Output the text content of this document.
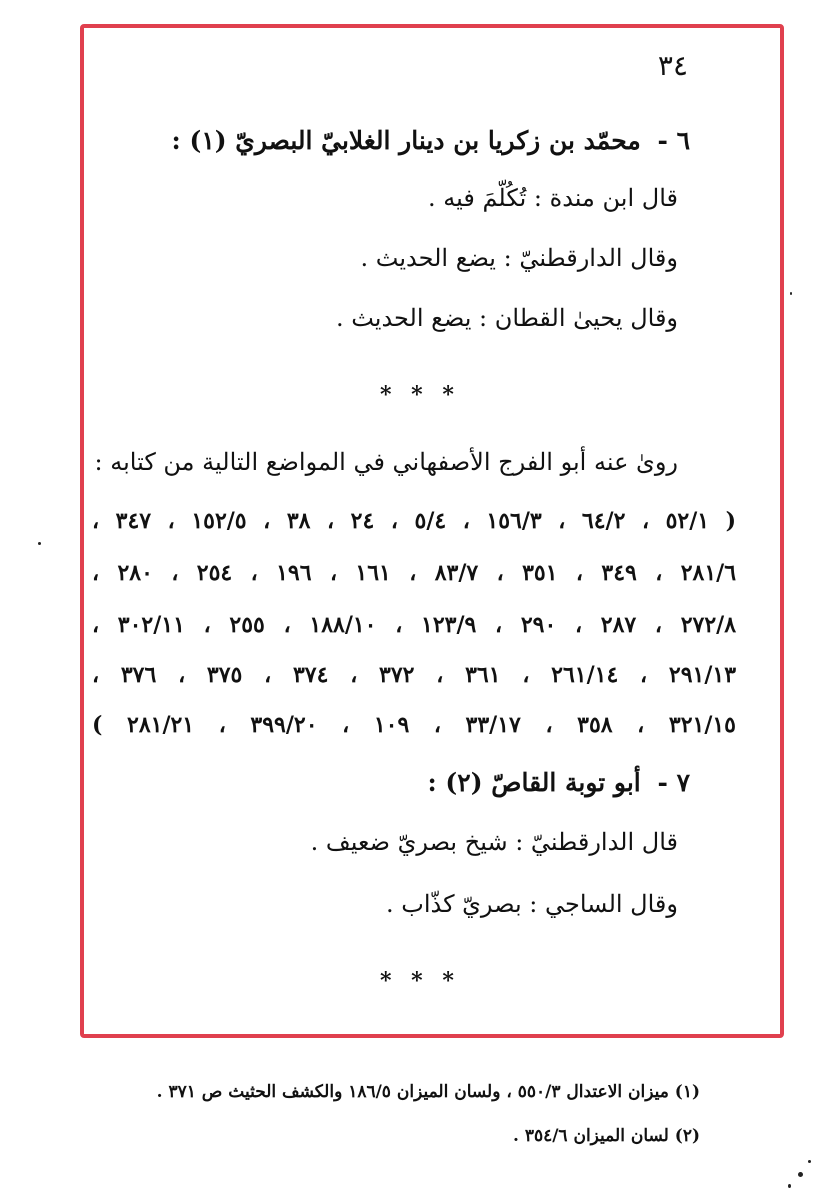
٣٤

٦ - محمّد بن زكريا بن دينار الغلابيّ البصريّ (١) :

قال ابن مندة : تُكُلّمَ فيه .

وقال الدارقطنيّ : يضع الحديث .

وقال يحيىٰ القطان : يضع الحديث .

* * *

روىٰ عنه أبو الفرج الأصفهاني في المواضع التالية من كتابه :

( ٥٢/١ ، ٦٤/٢ ، ١٥٦/٣ ، ٥/٤ ، ٢٤ ، ٣٨ ، ١٥٢/٥ ، ٣٤٧ ،

٢٨١/٦ ، ٣٤٩ ، ٣٥١ ، ٨٣/٧ ، ١٦١ ، ١٩٦ ، ٢٥٤ ، ٢٨٠ ،

٢٧٢/٨ ، ٢٨٧ ، ٢٩٠ ، ١٢٣/٩ ، ١٨٨/١٠ ، ٢٥٥ ، ٣٠٢/١١ ،

٢٩١/١٣ ، ٢٦١/١٤ ، ٣٦١ ، ٣٧٢ ، ٣٧٤ ، ٣٧٥ ، ٣٧٦ ،

٣٢١/١٥ ، ٣٥٨ ، ٣٣/١٧ ، ١٠٩ ، ٣٩٩/٢٠ ، ٢٨١/٢١ )

٧ - أبو توبة القاصّ (٢) :

قال الدارقطنيّ : شيخ بصريّ ضعيف .

وقال الساجي : بصريّ كذّاب .

* * *

(١) ميزان الاعتدال ٥٥٠/٣ ، ولسان الميزان ١٨٦/٥ والكشف الحثيث ص ٣٧١ .

(٢) لسان الميزان ٣٥٤/٦ .
